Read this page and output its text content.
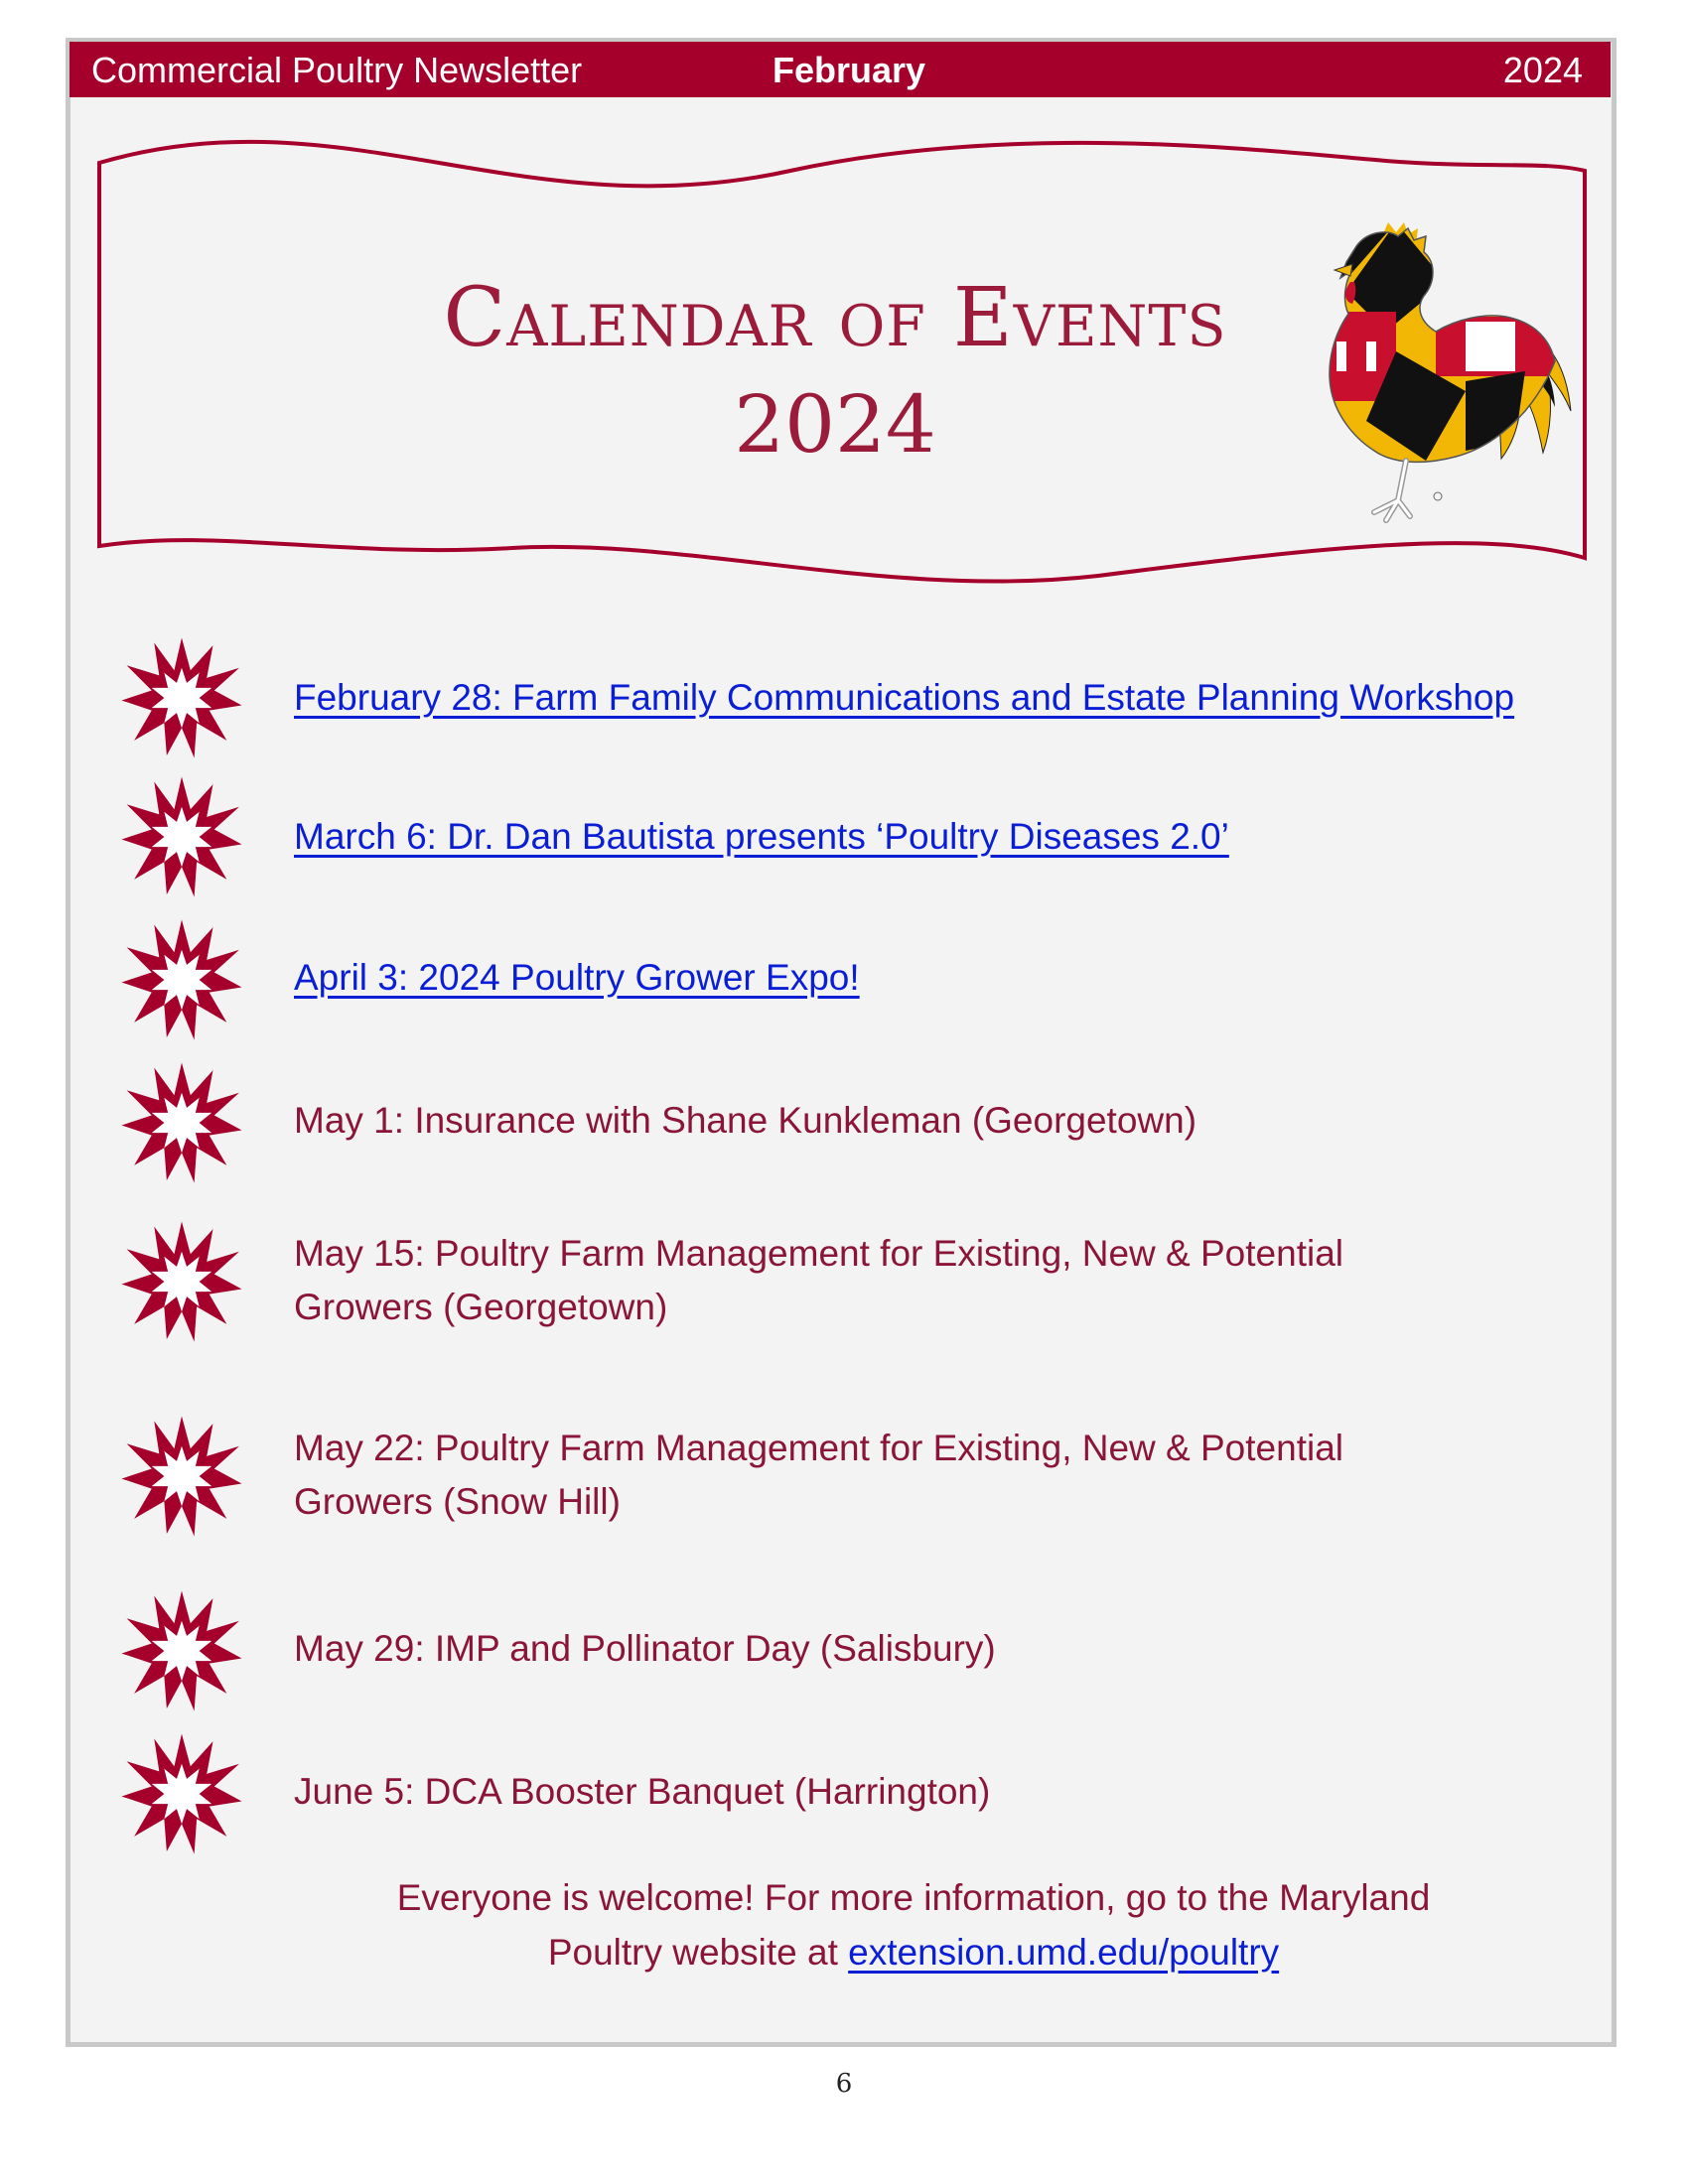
Commercial Poultry Newsletter	February	2024
Calendar of Events
2024
February 28: Farm Family Communications and Estate Planning Workshop
March 6: Dr. Dan Bautista presents ‘Poultry Diseases 2.0’
April 3: 2024 Poultry Grower Expo!
May 1: Insurance with Shane Kunkleman (Georgetown)
May 15: Poultry Farm Management for Existing, New & Potential
Growers (Georgetown)
May 22: Poultry Farm Management for Existing, New & Potential
Growers (Snow Hill)
May 29: IMP and Pollinator Day (Salisbury)
June 5: DCA Booster Banquet (Harrington)
Everyone is welcome! For more information, go to the Maryland
Poultry website at extension.umd.edu/poultry
6
